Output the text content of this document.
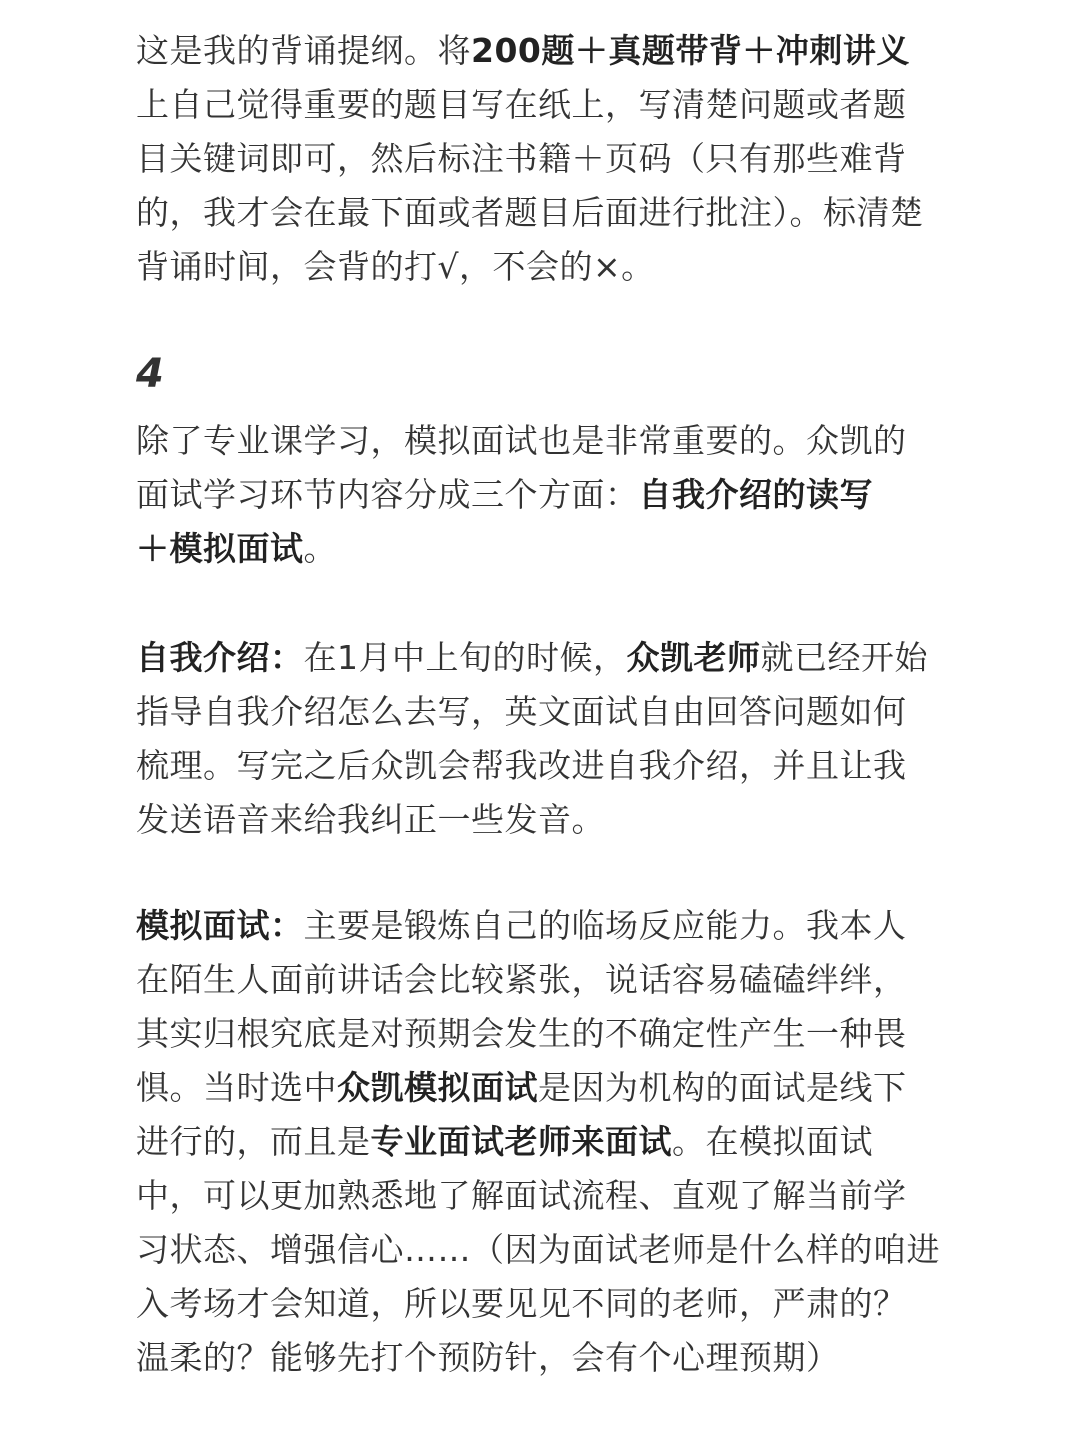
这是我的背诵提纲。将200题＋真题带背＋冲刺讲义
上自己觉得重要的题目写在纸上，写清楚问题或者题
目关键词即可，然后标注书籍＋页码（只有那些难背
的，我才会在最下面或者题目后面进行批注）。标清楚
背诵时间，会背的打√，不会的×。
4
除了专业课学习，模拟面试也是非常重要的。众凯的
面试学习环节内容分成三个方面：自我介绍的读写
＋模拟面试。
自我介绍：在1月中上旬的时候，众凯老师就已经开始
指导自我介绍怎么去写，英文面试自由回答问题如何
梳理。写完之后众凯会帮我改进自我介绍，并且让我
发送语音来给我纠正一些发音。
模拟面试：主要是锻炼自己的临场反应能力。我本人
在陌生人面前讲话会比较紧张，说话容易磕磕绊绊，
其实归根究底是对预期会发生的不确定性产生一种畏
惧。当时选中众凯模拟面试是因为机构的面试是线下
进行的，而且是专业面试老师来面试。在模拟面试
中，可以更加熟悉地了解面试流程、直观了解当前学
习状态、增强信心……（因为面试老师是什么样的咱进
入考场才会知道，所以要见见不同的老师，严肃的？
温柔的？能够先打个预防针，会有个心理预期）
